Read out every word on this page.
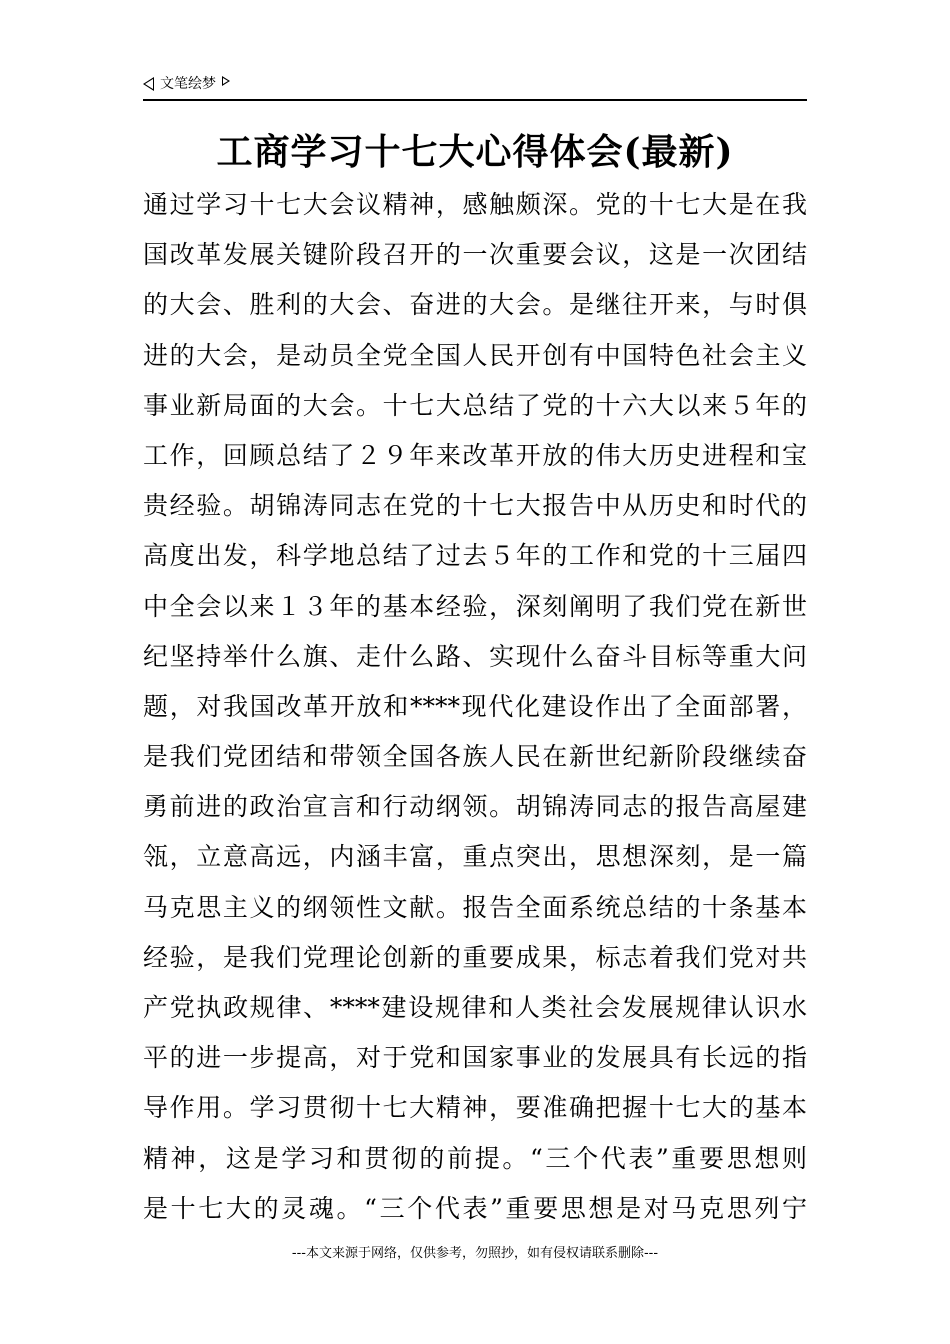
文笔绘梦
工商学习十七大心得体会(最新)
通过学习十七大会议精神，感触颇深。党的十七大是在我
国改革发展关键阶段召开的一次重要会议，这是一次团结
的大会、胜利的大会、奋进的大会。是继往开来，与时俱
进的大会，是动员全党全国人民开创有中国特色社会主义
事业新局面的大会。十七大总结了党的十六大以来５年的
工作，回顾总结了２９年来改革开放的伟大历史进程和宝
贵经验。胡锦涛同志在党的十七大报告中从历史和时代的
高度出发，科学地总结了过去５年的工作和党的十三届四
中全会以来１３年的基本经验，深刻阐明了我们党在新世
纪坚持举什么旗、走什么路、实现什么奋斗目标等重大问
题，对我国改革开放和****现代化建设作出了全面部署，
是我们党团结和带领全国各族人民在新世纪新阶段继续奋
勇前进的政治宣言和行动纲领。胡锦涛同志的报告高屋建
瓴，立意高远，内涵丰富，重点突出，思想深刻，是一篇
马克思主义的纲领性文献。报告全面系统总结的十条基本
经验，是我们党理论创新的重要成果，标志着我们党对共
产党执政规律、****建设规律和人类社会发展规律认识水
平的进一步提高，对于党和国家事业的发展具有长远的指
导作用。学习贯彻十七大精神，要准确把握十七大的基本
精神，这是学习和贯彻的前提。“三个代表”重要思想则
是十七大的灵魂。“三个代表”重要思想是对马克思列宁
---本文来源于网络，仅供参考，勿照抄，如有侵权请联系删除---
